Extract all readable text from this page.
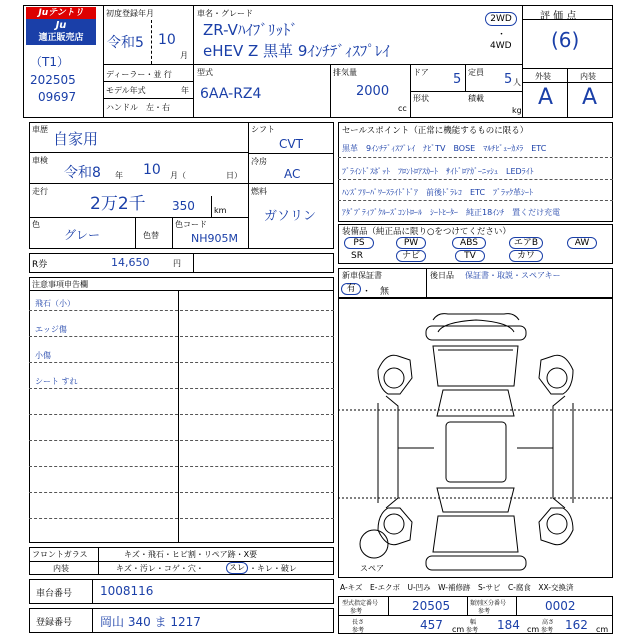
Juテントリ
Ju
適正販売店
（T1）
202505
09697
初度登録年月
令和5 10
月
ディーラー・並 行
モデル年式	年
ハンドル　左・右
車名・グレード
ZR-Vﾊｲﾌﾞﾘｯﾄﾞ
eHEV Z 黒革 9ｲﾝﾁﾃﾞｨｽﾌﾟﾚｲ
2WD
・
4WD
型式
6AA-RZ4
排気量
2000
cc
ドア 5 定員 5 人
形状	積載
kg
評 価 点
(6)
外装	内装
A A
車歴
自家用
車検
令和8 年 10 月（	日）
走行
2万2千 350 km
色
グレー	色替
色コード
NH905M
シフト
CVT
冷房
AC
燃料
ガソリン
R券	14,650	円
注意事項申告欄
飛石（小）
エッジ傷
小傷
シート すれ
セールスポイント（正常に機能するものに限る）
黒革　9ｲﾝﾁﾃﾞｨｽﾌﾟﾚｲ　ﾅﾋﾞTV　BOSE　ﾏﾙﾁﾋﾞｭｰｶﾒﾗ　ETC
ﾌﾞﾗｲﾝﾄﾞｽﾎﾟｯﾄ　ﾌﾛﾝﾄﾛｱｽｶｰﾄ　ｻｲﾄﾞﾛｱｶﾞｰﾆｯｼｭ　LEDﾗｲﾄ
ﾊﾝｽﾞﾌﾘｰﾊﾟﾜｰｽﾗｲﾄﾞﾄﾞｱ　前後ﾄﾞﾗﾚｺ　ETC　ﾌﾞﾗｯｸ革ｼｰﾄ
ｱﾀﾞﾌﾟﾃｨﾌﾞｸﾙｰｽﾞｺﾝﾄﾛｰﾙ　ｼｰﾄﾋｰﾀｰ　純正18ｲﾝﾁ　置くだけ充電
装備品（純正品に限り○をつけてください）
PS	PW	ABS	エアB	AW
SR	ナビ	TV	カワ
新車保証書
有 ・　無
後日品 保証書・取説・スペアキー
スペア
フロントガラス	キズ・飛石・ヒビ割・リペア跡・X要
内装	キズ・汚レ・コゲ・穴・	スレ ・キレ・破レ
車台番号 1008116
登録番号 岡山 340 ま 1217
A-キズ　E-エクボ　U-凹み　W-補修跡　S-サビ　C-腐食　XX-交換済
型式指定番号
参考	20505	類別区分番号
参考	0002
長さ
参考	457 cm
幅
参考 184 cm
高さ
参考 162 cm
